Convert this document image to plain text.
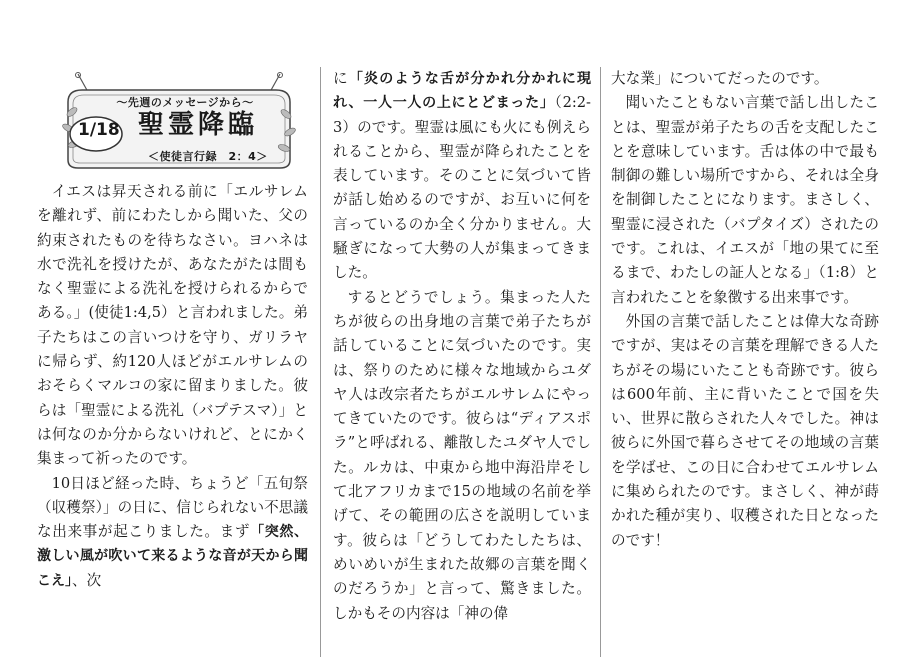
～先週のメッセージから～
1/18 聖霊降臨
＜使徒言行録　2：4＞

イエスは昇天される前に「エルサレムを離れず、前にわたしから聞いた、父の約束されたものを待ちなさい。ヨハネは水で洗礼を授けたが、あなたがたは間もなく聖霊による洗礼を授けられるからである。」(使徒1:4,5）と言われました。弟子たちはこの言いつけを守り、ガリラヤに帰らず、約120人ほどがエルサレムのおそらくマルコの家に留まりました。彼らは「聖霊による洗礼（バプテスマ）」とは何なのか分からないけれど、とにかく集まって祈ったのです。

10日ほど経った時、ちょうど「五旬祭（収穫祭）」の日に、信じられない不思議な出来事が起こりました。まず「突然、激しい風が吹いて来るような音が天から聞こえ」、次

に「炎のような舌が分かれ分かれに現れ、一人一人の上にとどまった」（2:2-3）のです。聖霊は風にも火にも例えられることから、聖霊が降られたことを表しています。そのことに気づいて皆が話し始めるのですが、お互いに何を言っているのか全く分かりません。大騒ぎになって大勢の人が集まってきました。

するとどうでしょう。集まった人たちが彼らの出身地の言葉で弟子たちが話していることに気づいたのです。実は、祭りのために様々な地域からユダヤ人は改宗者たちがエルサレムにやってきていたのです。彼らは“ディアスポラ”と呼ばれる、離散したユダヤ人でした。ルカは、中東から地中海沿岸そして北アフリカまで15の地域の名前を挙げて、その範囲の広さを説明しています。彼らは「どうしてわたしたちは、めいめいが生まれた故郷の言葉を聞くのだろうか」と言って、驚きました。しかもその内容は「神の偉

大な業」についてだったのです。

聞いたこともない言葉で話し出したことは、聖霊が弟子たちの舌を支配したことを意味しています。舌は体の中で最も制御の難しい場所ですから、それは全身を制御したことになります。まさしく、聖霊に浸された（バプタイズ）されたのです。これは、イエスが「地の果てに至るまで、わたしの証人となる」（1:8）と言われたことを象徴する出来事です。

外国の言葉で話したことは偉大な奇跡ですが、実はその言葉を理解できる人たちがその場にいたことも奇跡です。彼らは600年前、主に背いたことで国を失い、世界に散らされた人々でした。神は彼らに外国で暮らさせてその地域の言葉を学ばせ、この日に合わせてエルサレムに集められたのです。まさしく、神が蒔かれた種が実り、収穫された日となったのです！
